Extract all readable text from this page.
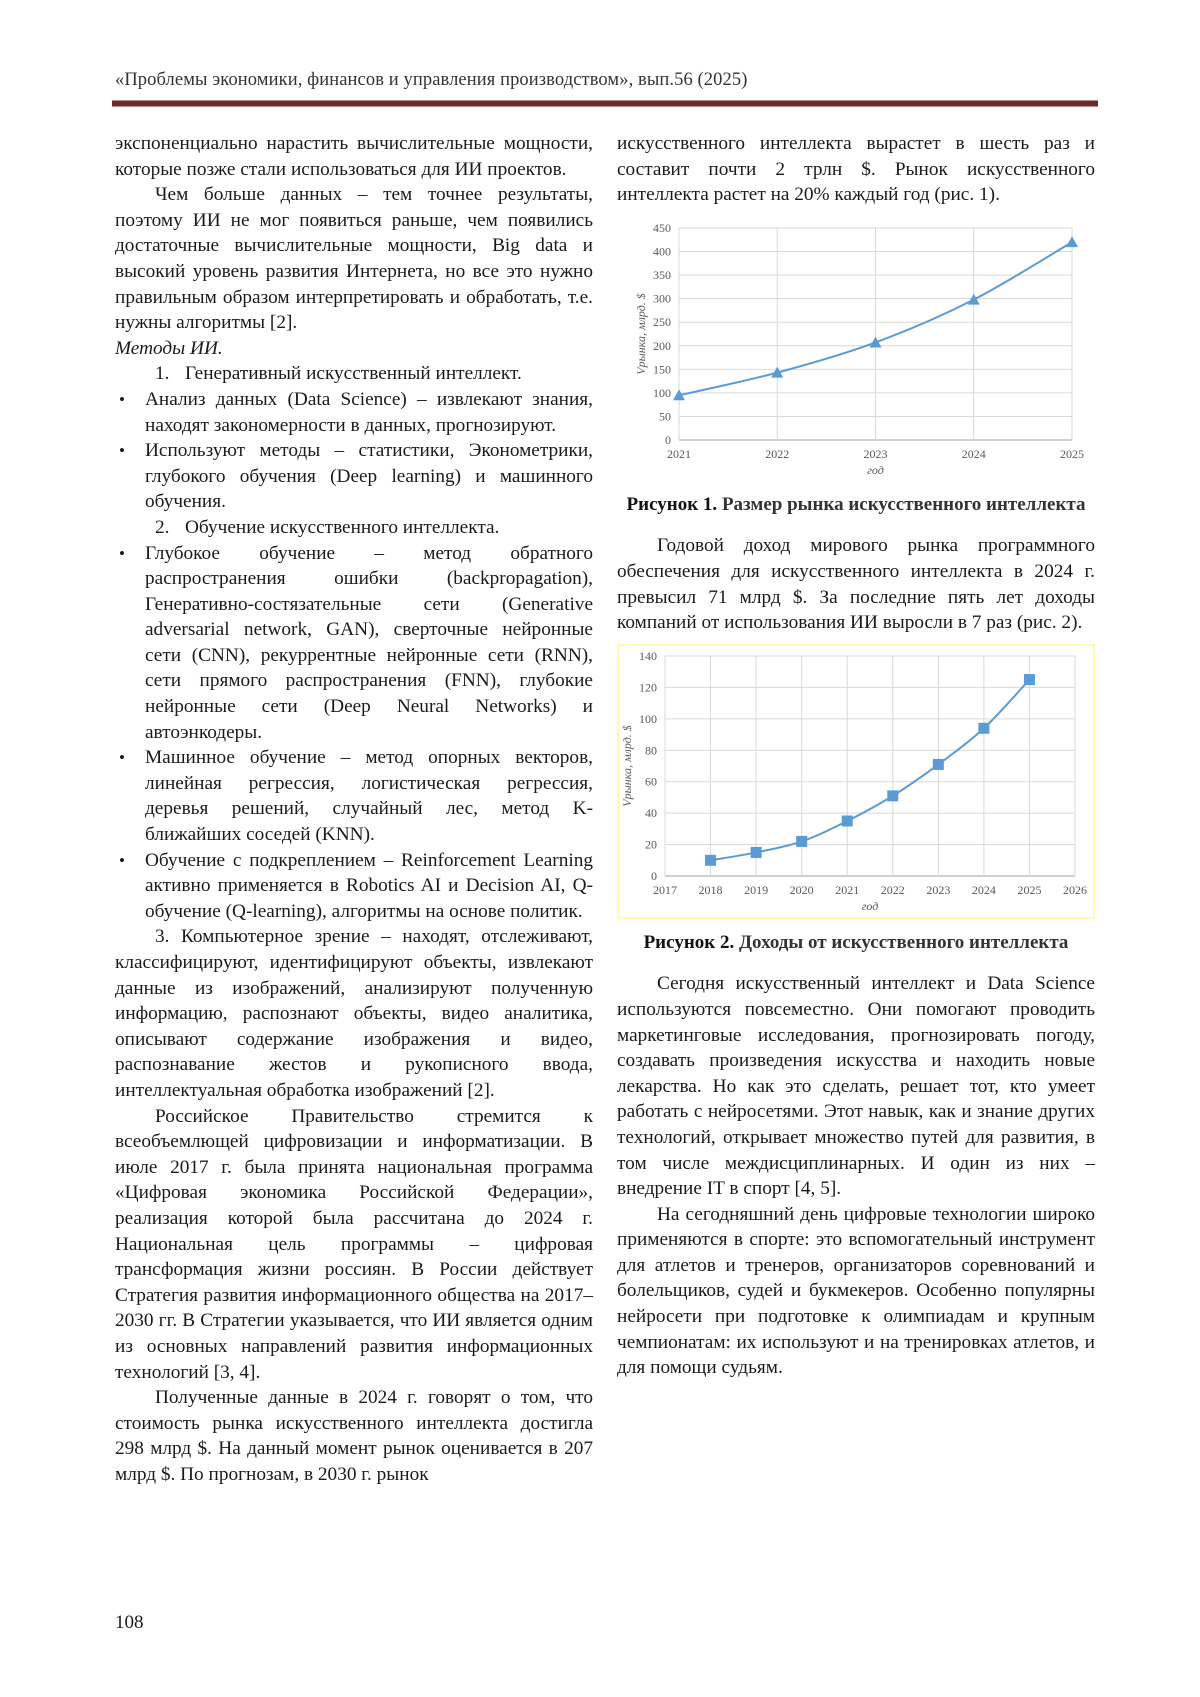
«Проблемы экономики, финансов и управления производством», вып.56 (2025)

экспоненциально нарастить вычислительные мощности, которые позже стали использоваться для ИИ проектов.

Чем больше данных – тем точнее результаты, поэтому ИИ не мог появиться раньше, чем появились достаточные вычислительные мощности, Big data и высокий уровень развития Интернета, но все это нужно правильным образом интерпретировать и обработать, т.е. нужны алгоритмы [2].

Методы ИИ.

1. Генеративный искусственный интеллект.

• Анализ данных (Data Science) – извлекают знания, находят закономерности в данных, прогнозируют.
• Используют методы – статистики, Эконометрики, глубокого обучения (Deep learning) и машинного обучения.

2. Обучение искусственного интеллекта.

• Глубокое обучение – метод обратного распространения ошибки (backpropagation), Генеративно-состязательные сети (Generative adversarial network, GAN), сверточные нейронные сети (CNN), рекуррентные нейронные сети (RNN), сети прямого распространения (FNN), глубокие нейронные сети (Deep Neural Networks) и автоэнкодеры.
• Машинное обучение – метод опорных векторов, линейная регрессия, логистическая регрессия, деревья решений, случайный лес, метод K-ближайших соседей (KNN).
• Обучение с подкреплением – Reinforcement Learning активно применяется в Robotics AI и Decision AI, Q-обучение (Q-learning), алгоритмы на основе политик.

3. Компьютерное зрение – находят, отслеживают, классифицируют, идентифицируют объекты, извлекают данные из изображений, анализируют полученную информацию, распознают объекты, видео аналитика, описывают содержание изображения и видео, распознавание жестов и рукописного ввода, интеллектуальная обработка изображений [2].

Российское Правительство стремится к всеобъемлющей цифровизации и информатизации. В июле 2017 г. была принята национальная программа «Цифровая экономика Российской Федерации», реализация которой была рассчитана до 2024 г. Национальная цель программы – цифровая трансформация жизни россиян. В России действует Стратегия развития информационного общества на 2017–2030 гг. В Стратегии указывается, что ИИ является одним из основных направлений развития информационных технологий [3, 4].

Полученные данные в 2024 г. говорят о том, что стоимость рынка искусственного интеллекта достигла 298 млрд $. На данный момент рынок оценивается в 207 млрд $. По прогнозам, в 2030 г. рынок

искусственного интеллекта вырастет в шесть раз и составит почти 2 трлн $. Рынок искусственного интеллекта растет на 20% каждый год (рис. 1).

0
50
100
150
200
250
300
350
400
450
2021	2022	2023	2024	2025
год
Vрынка, млрд. $
Рисунок 1. Размер рынка искусственного интеллекта

Годовой доход мирового рынка программного обеспечения для искусственного интеллекта в 2024 г. превысил 71 млрд $. За последние пять лет доходы компаний от использования ИИ выросли в 7 раз (рис. 2).

0
20
40
60
80
100
120
140
2017 2018 2019 2020 2021 2022 2023 2024 2025 2026
год
Vрынка, млрд. $
Рисунок 2. Доходы от искусственного интеллекта

Сегодня искусственный интеллект и Data Science используются повсеместно. Они помогают проводить маркетинговые исследования, прогнозировать погоду, создавать произведения искусства и находить новые лекарства. Но как это сделать, решает тот, кто умеет работать с нейросетями. Этот навык, как и знание других технологий, открывает множество путей для развития, в том числе междисциплинарных. И один из них – внедрение IT в спорт [4, 5].

На сегодняшний день цифровые технологии широко применяются в спорте: это вспомогательный инструмент для атлетов и тренеров, организаторов соревнований и болельщиков, судей и букмекеров. Особенно популярны нейросети при подготовке к олимпиадам и крупным чемпионатам: их используют и на тренировках атлетов, и для помощи судьям.

108
